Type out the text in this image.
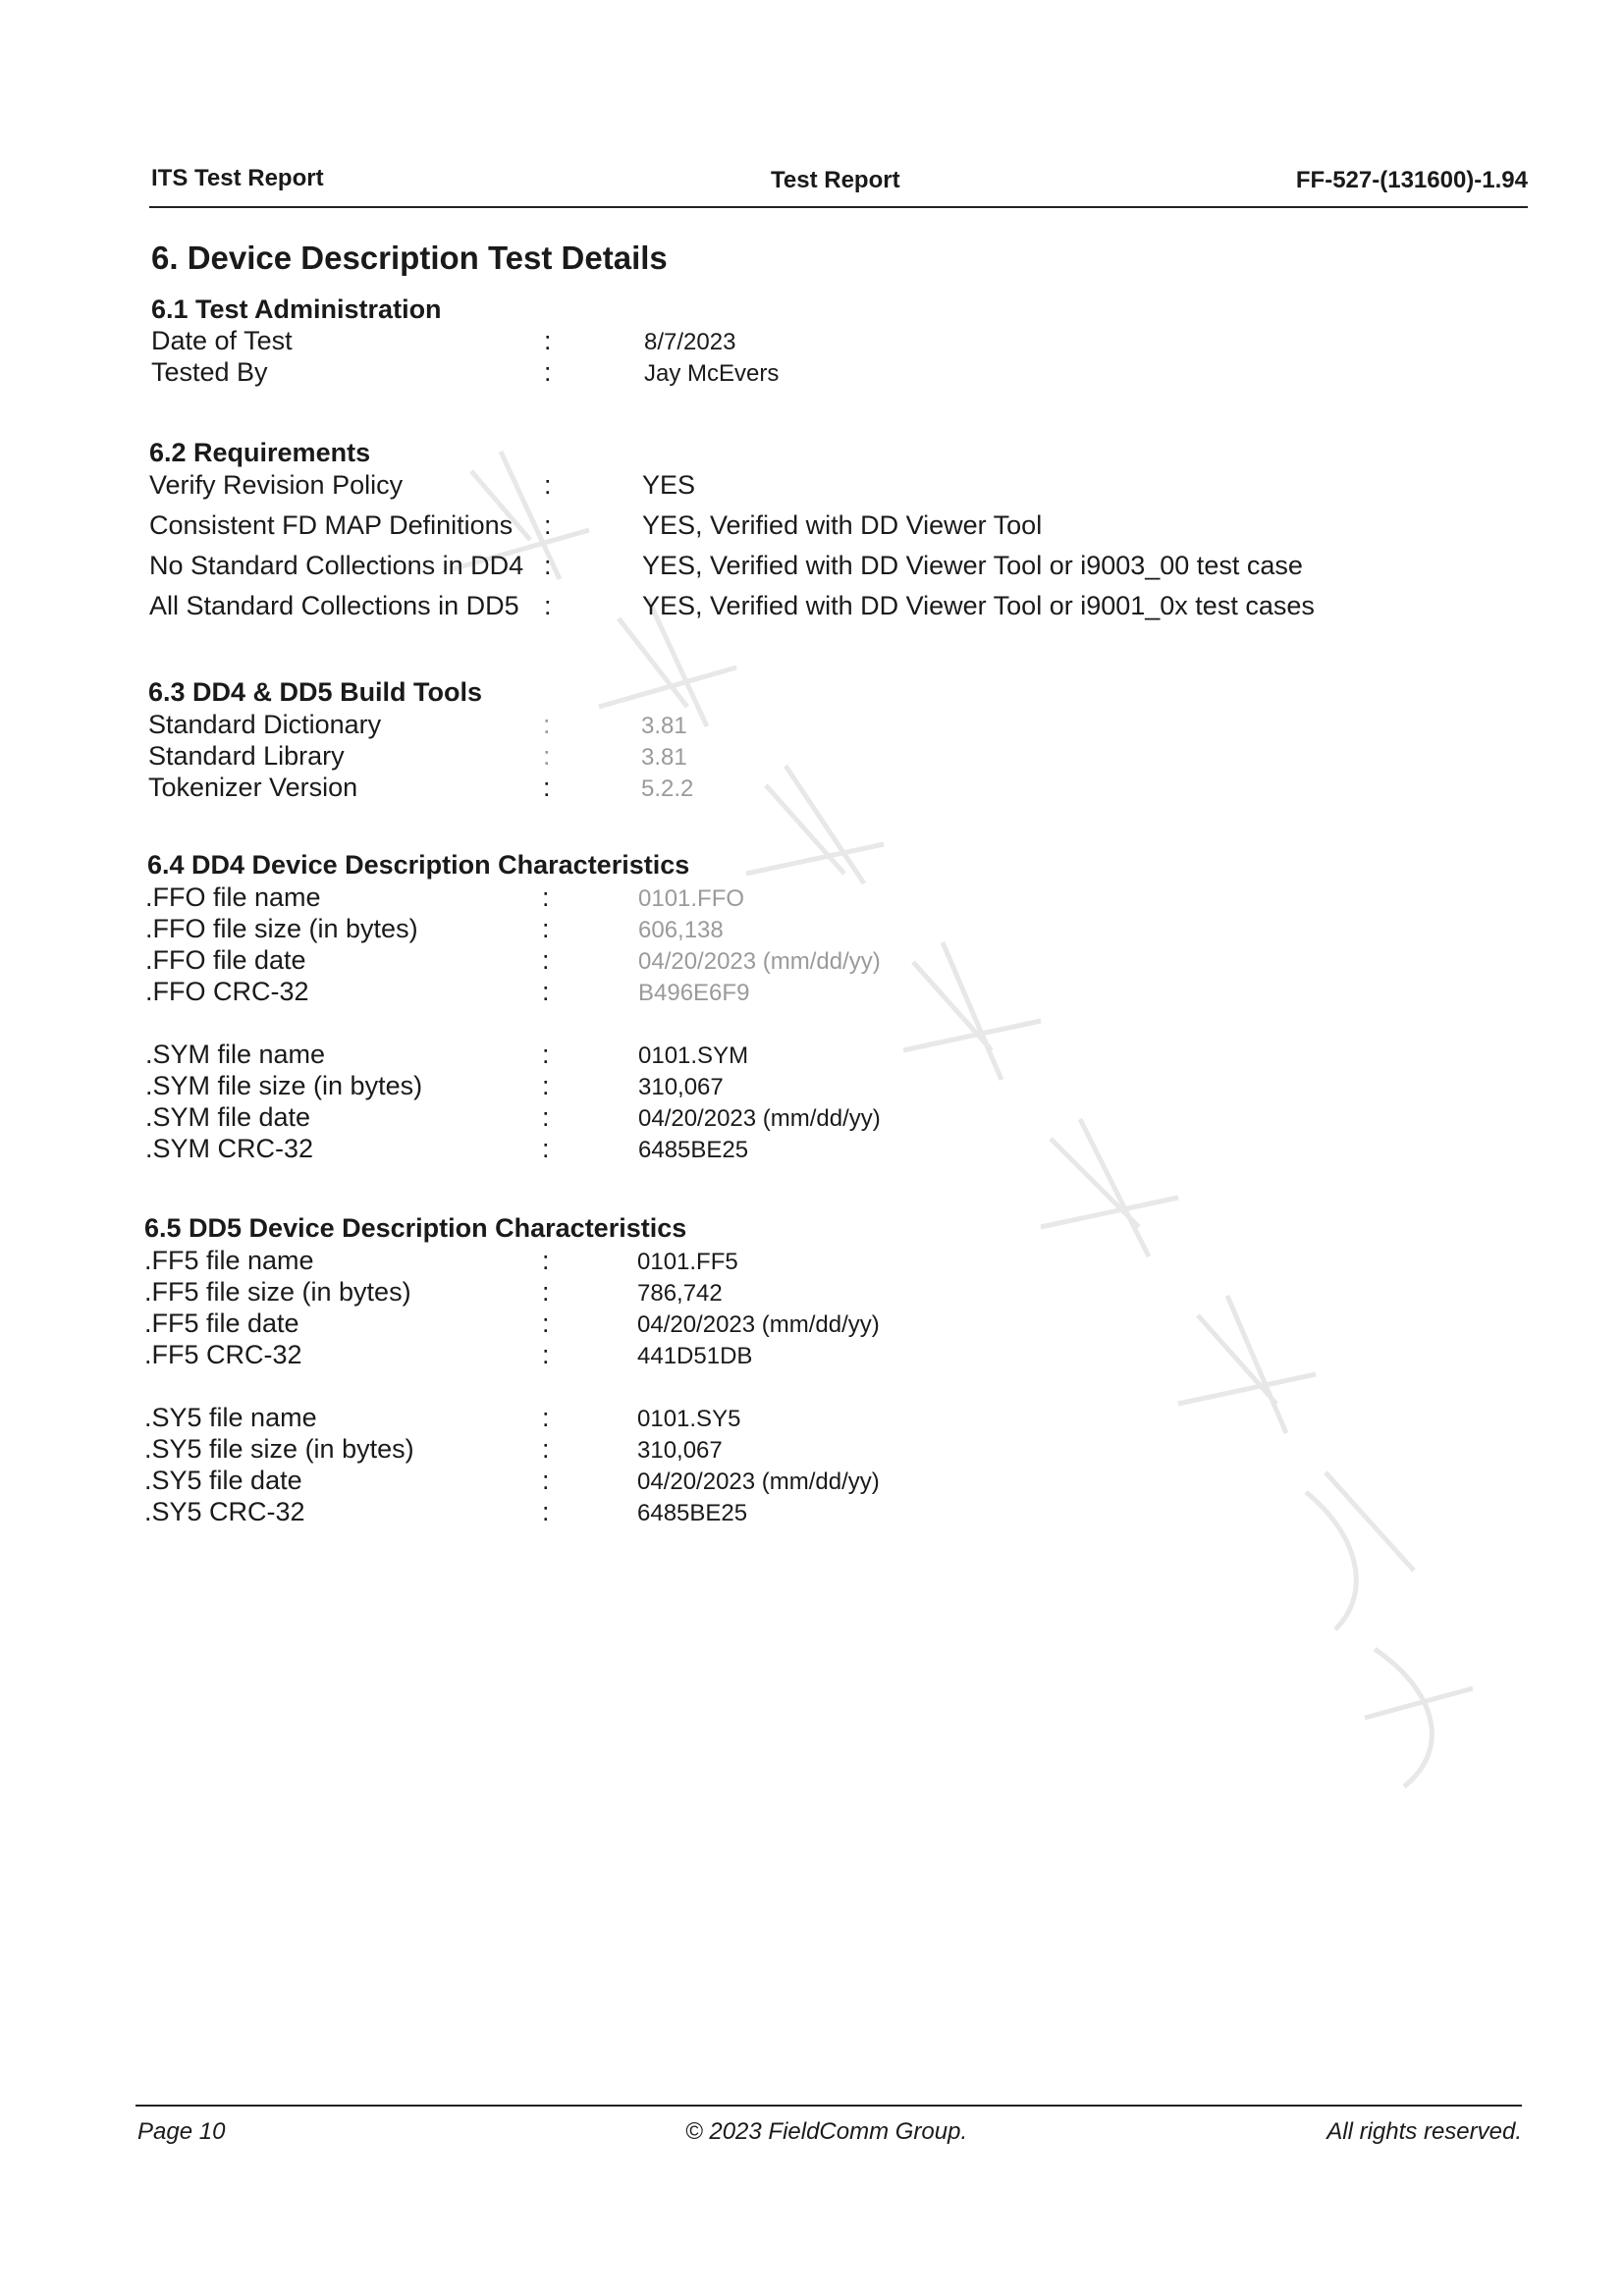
ITS Test Report	Test Report	FF-527-(131600)-1.94
6. Device Description Test Details
6.1 Test Administration
Date of Test	:	8/7/2023
Tested By	:	Jay McEvers
6.2 Requirements
Verify Revision Policy	:	YES
Consistent FD MAP Definitions :	YES, Verified with DD Viewer Tool
No Standard Collections in DD4 :	YES, Verified with DD Viewer Tool or i9003_00 test case
All Standard Collections in DD5 :	YES, Verified with DD Viewer Tool or i9001_0x test cases
6.3 DD4 & DD5 Build Tools
Standard Dictionary	:	3.81
Standard Library	:	3.81
Tokenizer Version	:	5.2.2
6.4 DD4 Device Description Characteristics
.FFO file name	:	0101.FFO
.FFO file size (in bytes)	:	606,138
.FFO file date	:	04/20/2023 (mm/dd/yy)
.FFO CRC-32	:	B496E6F9
.SYM file name	:	0101.SYM
.SYM file size (in bytes)	:	310,067
.SYM file date	:	04/20/2023 (mm/dd/yy)
.SYM CRC-32	:	6485BE25
6.5 DD5 Device Description Characteristics
.FF5 file name	:	0101.FF5
.FF5 file size (in bytes)	:	786,742
.FF5 file date	:	04/20/2023 (mm/dd/yy)
.FF5 CRC-32	:	441D51DB
.SY5 file name	:	0101.SY5
.SY5 file size (in bytes)	:	310,067
.SY5 file date	:	04/20/2023 (mm/dd/yy)
.SY5 CRC-32	:	6485BE25
Page 10	© 2023 FieldComm Group.	All rights reserved.
